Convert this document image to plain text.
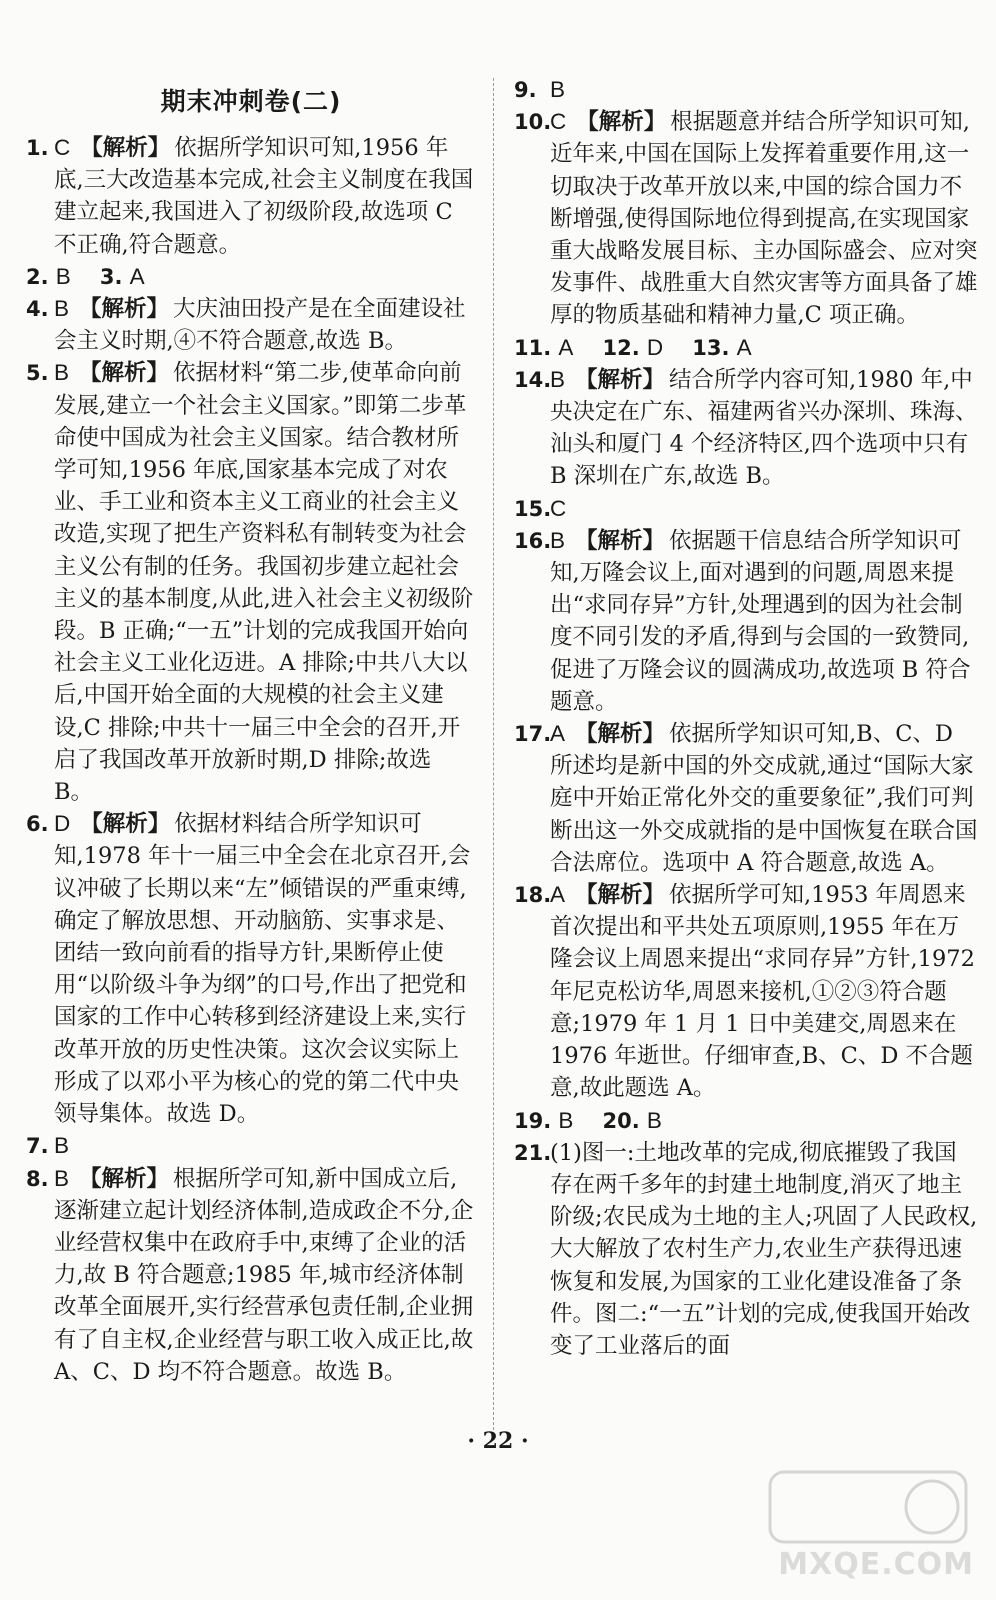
期末冲刺卷(二)

1. C 【解析】 依据所学知识可知,1956 年底,三大改造基本完成,社会主义制度在我国建立起来,我国进入了初级阶段,故选项 C 不正确,符合题意。

2. B 3. A

4. B 【解析】 大庆油田投产是在全面建设社会主义时期,④不符合题意,故选 B。

5. B 【解析】 依据材料“第二步,使革命向前发展,建立一个社会主义国家。”即第二步革命使中国成为社会主义国家。结合教材所学可知,1956 年底,国家基本完成了对农业、手工业和资本主义工商业的社会主义改造,实现了把生产资料私有制转变为社会主义公有制的任务。我国初步建立起社会主义的基本制度,从此,进入社会主义初级阶段。B 正确;“一五”计划的完成我国开始向社会主义工业化迈进。A 排除;中共八大以后,中国开始全面的大规模的社会主义建设,C 排除;中共十一届三中全会的召开,开启了我国改革开放新时期,D 排除;故选 B。

6. D 【解析】 依据材料结合所学知识可知,1978 年十一届三中全会在北京召开,会议冲破了长期以来“左”倾错误的严重束缚,确定了解放思想、开动脑筋、实事求是、团结一致向前看的指导方针,果断停止使用“以阶级斗争为纲”的口号,作出了把党和国家的工作中心转移到经济建设上来,实行改革开放的历史性决策。这次会议实际上形成了以邓小平为核心的党的第二代中央领导集体。故选 D。

7. B

8. B 【解析】 根据所学可知,新中国成立后,逐渐建立起计划经济体制,造成政企不分,企业经营权集中在政府手中,束缚了企业的活力,故 B 符合题意;1985 年,城市经济体制改革全面展开,实行经营承包责任制,企业拥有了自主权,企业经营与职工收入成正比,故 A、C、D 均不符合题意。故选 B。

9. B

10.
C 【解析】 根据题意并结合所学知识可知,近年来,中国在国际上发挥着重要作用,这一切取决于改革开放以来,中国的综合国力不断增强,使得国际地位得到提高,在实现国家重大战略发展目标、主办国际盛会、应对突发事件、战胜重大自然灾害等方面具备了雄厚的物质基础和精神力量,C 项正确。

11. A 12. D 13. A

14.
B 【解析】 结合所学内容可知,1980 年,中央决定在广东、福建两省兴办深圳、珠海、汕头和厦门 4 个经济特区,四个选项中只有 B 深圳在广东,故选 B。

15.
C

16.
B 【解析】 依据题干信息结合所学知识可知,万隆会议上,面对遇到的问题,周恩来提出“求同存异”方针,处理遇到的因为社会制度不同引发的矛盾,得到与会国的一致赞同,促进了万隆会议的圆满成功,故选项 B 符合题意。

17.
A 【解析】 依据所学知识可知,B、C、D 所述均是新中国的外交成就,通过“国际大家庭中开始正常化外交的重要象征”,我们可判断出这一外交成就指的是中国恢复在联合国合法席位。选项中 A 符合题意,故选 A。

18.
A 【解析】 依据所学可知,1953 年周恩来首次提出和平共处五项原则,1955 年在万隆会议上周恩来提出“求同存异”方针,1972 年尼克松访华,周恩来接机,①②③符合题意;1979 年 1 月 1 日中美建交,周恩来在 1976 年逝世。仔细审查,B、C、D 不合题意,故此题选 A。

19. B 20. B

21.
(1)图一:土地改革的完成,彻底摧毁了我国存在两千多年的封建土地制度,消灭了地主阶级;农民成为土地的主人;巩固了人民政权,大大解放了农村生产力,农业生产获得迅速恢复和发展,为国家的工业化建设准备了条件。图二:“一五”计划的完成,使我国开始改变了工业落后的面

· 22 ·
MXQE.COM
